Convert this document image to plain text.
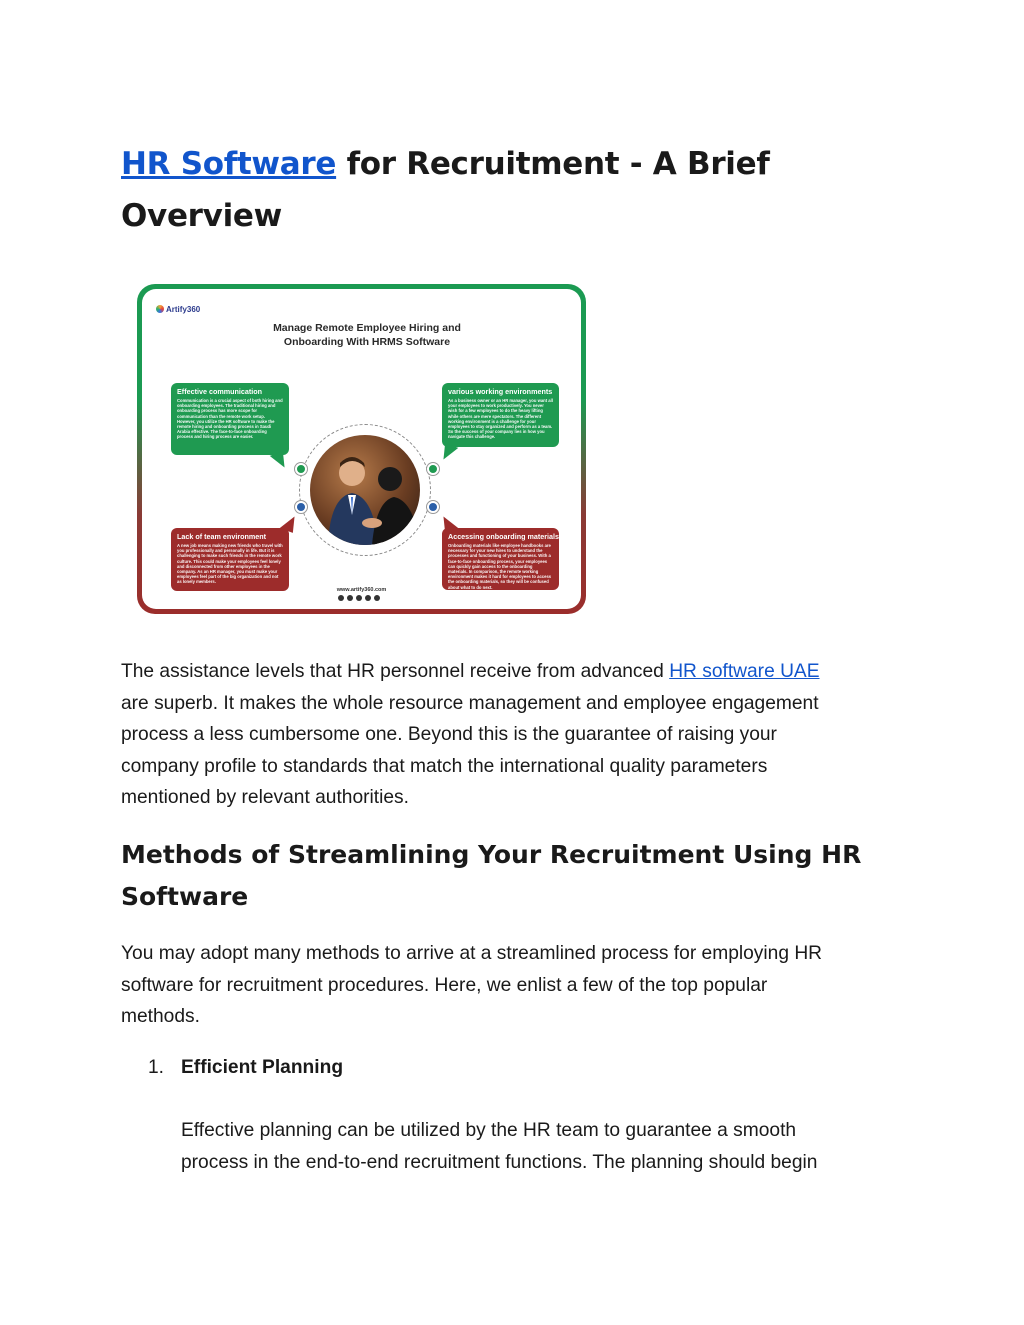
HR Software for Recruitment - A Brief
Overview
Artify360
Manage Remote Employee Hiring and
Onboarding With HRMS Software
Effective communication
Communication is a crucial aspect of both hiring and onboarding employees. The traditional hiring and onboarding process has more scope for communication than the remote work setup. However, you utilize the HR software to make the remote hiring and onboarding process in Saudi Arabia effective. The face-to-face onboarding process and hiring process are easier.
various working environments
As a business owner or an HR manager, you want all your employees to work productively. You never wish for a few employees to do the heavy lifting while others are mere spectators. The different working environment is a challenge for your employees to stay organized and perform as a team. So the success of your company lies in how you navigate this challenge.
Lack of team environment
A new job means making new friends who travel with you professionally and personally in life. But it is challenging to make such friends in the remote work culture. This could make your employees feel lonely and disconnected from other employees in the company. As an HR manager, you must make your employees feel part of the big organization and not as lonely members.
Accessing onboarding materials
Onboarding materials like employee handbooks are necessary for your new hires to understand the processes and functioning of your business. With a face-to-face onboarding process, your employees can quickly gain access to the onboarding materials. In comparison, the remote working environment makes it hard for employees to access the onboarding materials, so they will be confused about what to do next.
www.artify360.com

The assistance levels that HR personnel receive from advanced HR software UAE
are superb. It makes the whole resource management and employee engagement
process a less cumbersome one. Beyond this is the guarantee of raising your
company profile to standards that match the international quality parameters
mentioned by relevant authorities.

Methods of Streamlining Your Recruitment Using HR
Software

You may adopt many methods to arrive at a streamlined process for employing HR
software for recruitment procedures. Here, we enlist a few of the top popular
methods.

1. Efficient Planning

Effective planning can be utilized by the HR team to guarantee a smooth
process in the end-to-end recruitment functions. The planning should begin
